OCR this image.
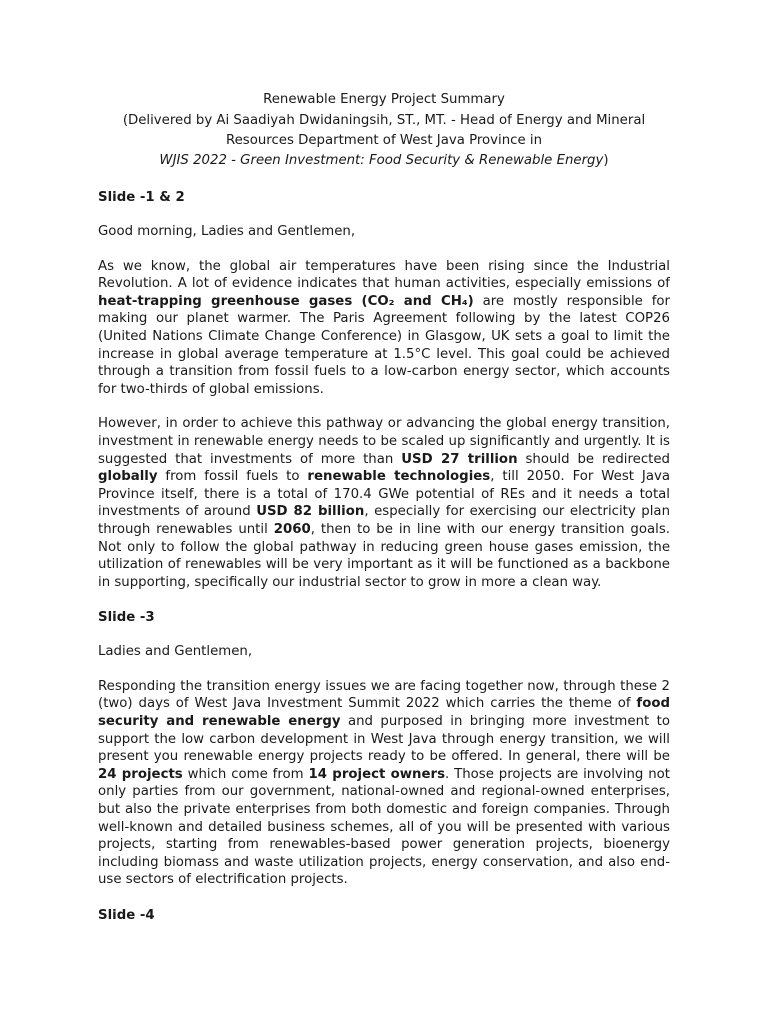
Renewable Energy Project Summary

(Delivered by Ai Saadiyah Dwidaningsih, ST., MT. - Head of Energy and Mineral Resources Department of West Java Province in
WJIS 2022 - Green Investment: Food Security & Renewable Energy)

Slide -1 & 2

Good morning, Ladies and Gentlemen,

As we know, the global air temperatures have been rising since the Industrial Revolution. A lot of evidence indicates that human activities, especially emissions of heat-trapping greenhouse gases (CO₂ and CH₄) are mostly responsible for making our planet warmer. The Paris Agreement following by the latest COP26 (United Nations Climate Change Conference) in Glasgow, UK sets a goal to limit the increase in global average temperature at 1.5°C level. This goal could be achieved through a transition from fossil fuels to a low-carbon energy sector, which accounts for two-thirds of global emissions.

However, in order to achieve this pathway or advancing the global energy transition, investment in renewable energy needs to be scaled up significantly and urgently. It is suggested that investments of more than USD 27 trillion should be redirected globally from fossil fuels to renewable technologies, till 2050. For West Java Province itself, there is a total of 170.4 GWe potential of REs and it needs a total investments of around USD 82 billion, especially for exercising our electricity plan through renewables until 2060, then to be in line with our energy transition goals. Not only to follow the global pathway in reducing green house gases emission, the utilization of renewables will be very important as it will be functioned as a backbone in supporting, specifically our industrial sector to grow in more a clean way.

Slide -3

Ladies and Gentlemen,

Responding the transition energy issues we are facing together now, through these 2 (two) days of West Java Investment Summit 2022 which carries the theme of food security and renewable energy and purposed in bringing more investment to support the low carbon development in West Java through energy transition, we will present you renewable energy projects ready to be offered. In general, there will be 24 projects which come from 14 project owners. Those projects are involving not only parties from our government, national-owned and regional-owned enterprises, but also the private enterprises from both domestic and foreign companies. Through well-known and detailed business schemes, all of you will be presented with various projects, starting from renewables-based power generation projects, bioenergy including biomass and waste utilization projects, energy conservation, and also end-use sectors of electrification projects.

Slide -4
